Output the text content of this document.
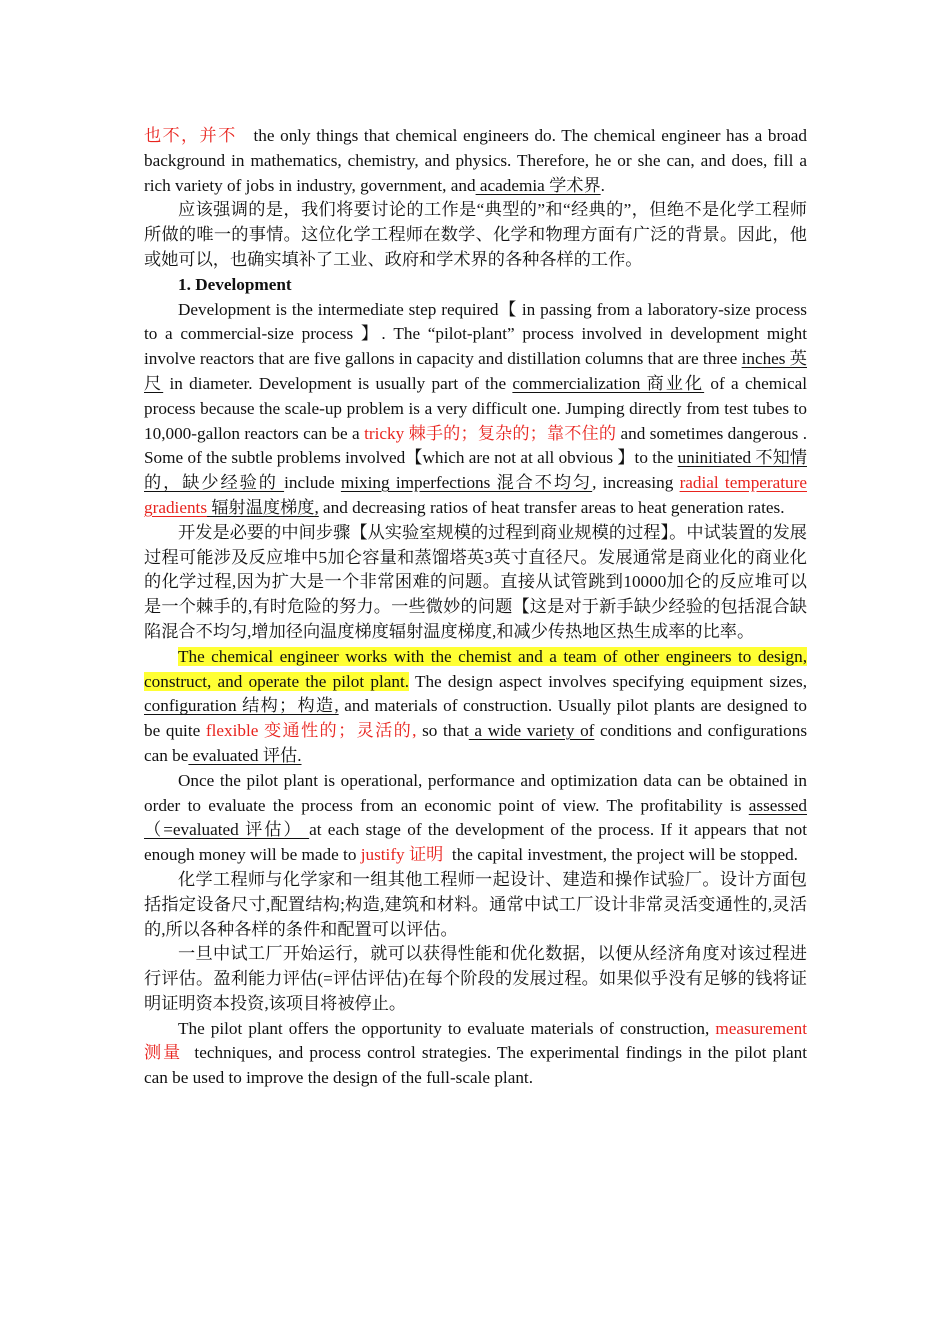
也不，并不   the only things that chemical engineers do. The chemical engineer has a broad background in mathematics, chemistry, and physics. Therefore, he or she can, and does, fill a rich variety of jobs in industry, government, and academia 学术界.

应该强调的是，我们将要讨论的工作是“典型的”和“经典的”，但绝不是化学工程师所做的唯一的事情。这位化学工程师在数学、化学和物理方面有广泛的背景。因此，他或她可以，也确实填补了工业、政府和学术界的各种各样的工作。

1. Development

Development is the intermediate step required【 in passing from a laboratory-size process to a commercial-size process 】. The “pilot-plant” process involved in development might involve reactors that are five gallons in capacity and distillation columns that are three inches 英尺 in diameter. Development is usually part of the commercialization 商业化 of a chemical process because the scale-up problem is a very difficult one. Jumping directly from test tubes to 10,000-gallon reactors can be a tricky 棘手的；复杂的；靠不住的 and sometimes dangerous . Some of the subtle problems involved【which are not at all obvious 】to the uninitiated 不知情的，缺少经验的 include mixing imperfections 混合不均匀, increasing radial temperature gradients 辐射温度梯度, and decreasing ratios of heat transfer areas to heat generation rates.

开发是必要的中间步骤【从实验室规模的过程到商业规模的过程】。中试装置的发展过程可能涉及反应堆中5加仑容量和蒸馏塔英3英寸直径尺。发展通常是商业化的商业化的化学过程,因为扩大是一个非常困难的问题。直接从试管跳到10000加仑的反应堆可以是一个棘手的,有时危险的努力。一些微妙的问题【这是对于新手缺少经验的包括混合缺陷混合不均匀,增加径向温度梯度辐射温度梯度,和减少传热地区热生成率的比率。

The chemical engineer works with the chemist and a team of other engineers to design, construct, and operate the pilot plant. The design aspect involves specifying equipment sizes, configuration 结构；构造, and materials of construction. Usually pilot plants are designed to be quite flexible 变通性的；灵活的, so that a wide variety of conditions and configurations can be evaluated 评估.

Once the pilot plant is operational, performance and optimization data can be obtained in order to evaluate the process from an economic point of view. The profitability is assessed（=evaluated 评估） at each stage of the development of the process. If it appears that not enough money will be made to justify 证明  the capital investment, the project will be stopped.

化学工程师与化学家和一组其他工程师一起设计、建造和操作试验厂。设计方面包括指定设备尺寸,配置结构;构造,建筑和材料。通常中试工厂设计非常灵活变通性的,灵活的,所以各种各样的条件和配置可以评估。

一旦中试工厂开始运行，就可以获得性能和优化数据，以便从经济角度对该过程进行评估。盈利能力评估(=评估评估)在每个阶段的发展过程。如果似乎没有足够的钱将证明证明资本投资,该项目将被停止。

The pilot plant offers the opportunity to evaluate materials of construction, measurement 测量  techniques, and process control strategies. The experimental findings in the pilot plant can be used to improve the design of the full-scale plant.
